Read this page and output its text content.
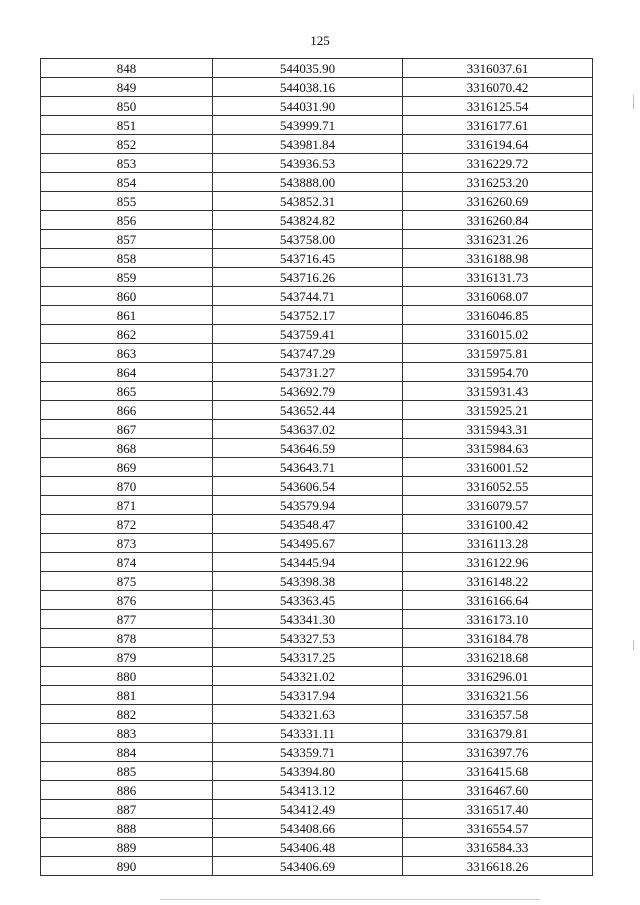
125
848	544035.90	3316037.61
849	544038.16	3316070.42
850	544031.90	3316125.54
851	543999.71	3316177.61
852	543981.84	3316194.64
853	543936.53	3316229.72
854	543888.00	3316253.20
855	543852.31	3316260.69
856	543824.82	3316260.84
857	543758.00	3316231.26
858	543716.45	3316188.98
859	543716.26	3316131.73
860	543744.71	3316068.07
861	543752.17	3316046.85
862	543759.41	3316015.02
863	543747.29	3315975.81
864	543731.27	3315954.70
865	543692.79	3315931.43
866	543652.44	3315925.21
867	543637.02	3315943.31
868	543646.59	3315984.63
869	543643.71	3316001.52
870	543606.54	3316052.55
871	543579.94	3316079.57
872	543548.47	3316100.42
873	543495.67	3316113.28
874	543445.94	3316122.96
875	543398.38	3316148.22
876	543363.45	3316166.64
877	543341.30	3316173.10
878	543327.53	3316184.78
879	543317.25	3316218.68
880	543321.02	3316296.01
881	543317.94	3316321.56
882	543321.63	3316357.58
883	543331.11	3316379.81
884	543359.71	3316397.76
885	543394.80	3316415.68
886	543413.12	3316467.60
887	543412.49	3316517.40
888	543408.66	3316554.57
889	543406.48	3316584.33
890	543406.69	3316618.26
